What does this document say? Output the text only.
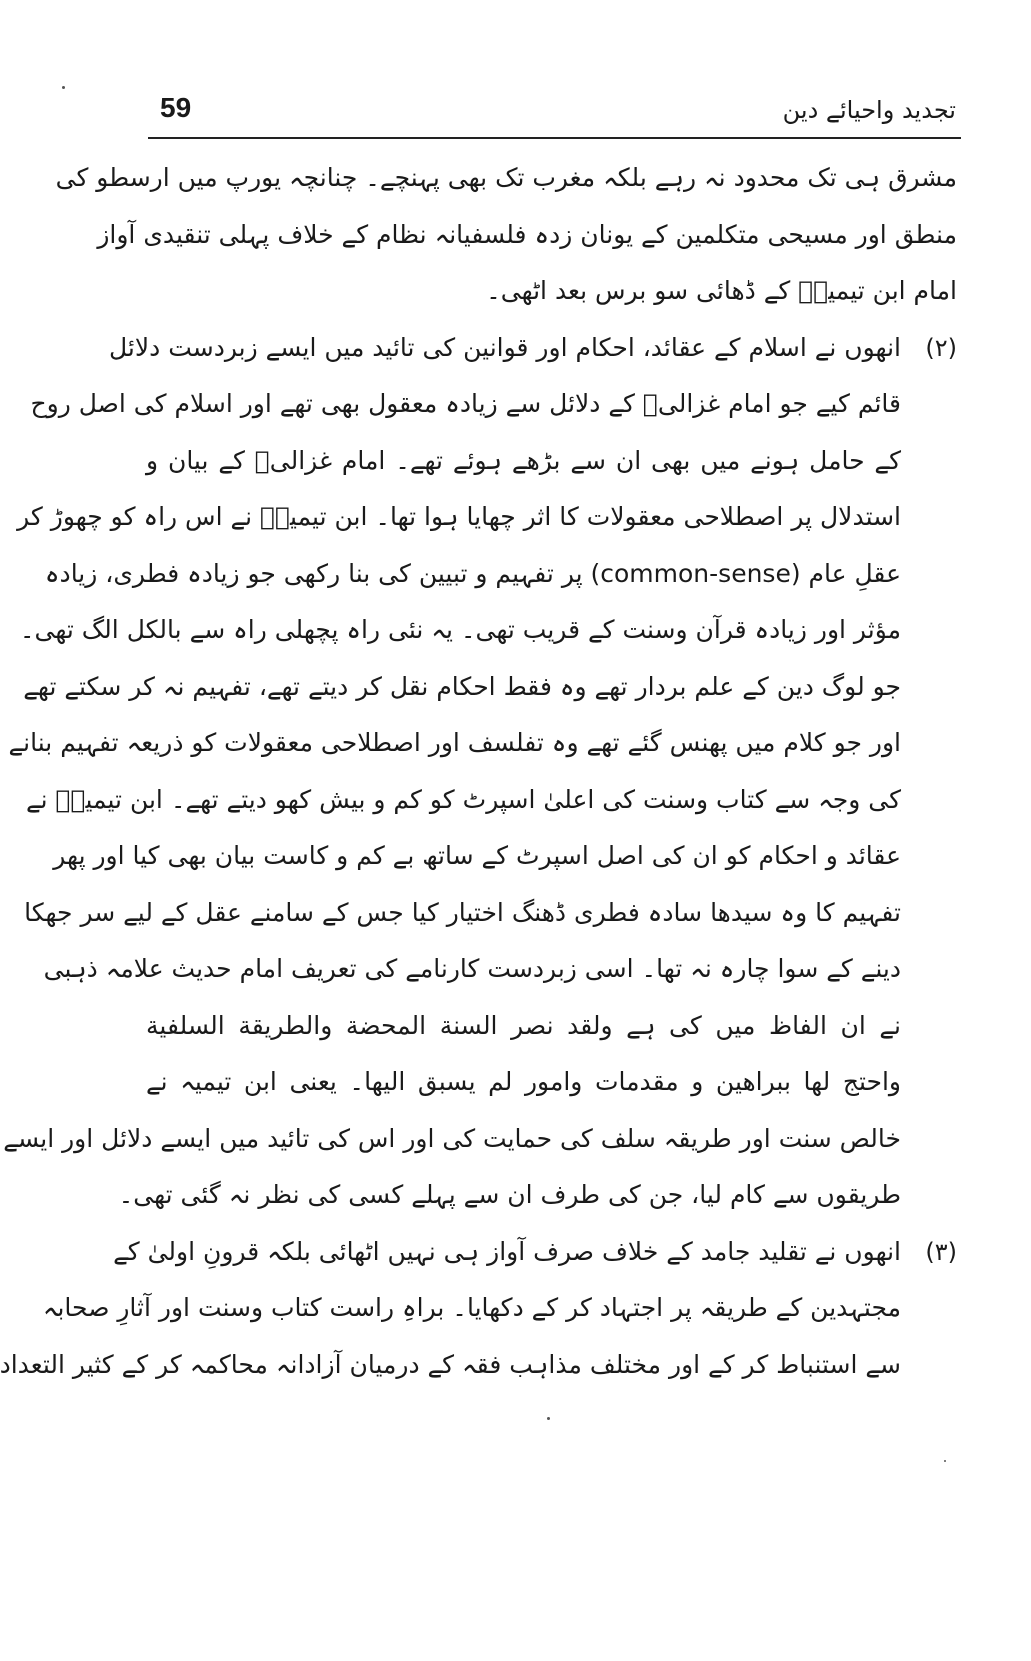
59	تجدید واحیائے دین
مشرق ہی تک محدود نہ رہے بلکہ مغرب تک بھی پہنچے۔ چنانچہ یورپ میں ارسطو کی
منطق اور مسیحی متکلمین کے یونان زدہ فلسفیانہ نظام کے خلاف پہلی تنقیدی آواز
امام ابن تیمیہؒ کے ڈھائی سو برس بعد اٹھی۔
(۲)
انھوں نے اسلام کے عقائد، احکام اور قوانین کی تائید میں ایسے زبردست دلائل
قائم کیے جو امام غزالیؒ کے دلائل سے زیادہ معقول بھی تھے اور اسلام کی اصل روح
کے حامل ہونے میں بھی ان سے بڑھے ہوئے تھے۔ امام غزالیؒ کے بیان و
استدلال پر اصطلاحی معقولات کا اثر چھایا ہوا تھا۔ ابن تیمیہؒ نے اس راہ کو چھوڑ کر
عقلِ عام (common-sense) پر تفہیم و تبیین کی بنا رکھی جو زیادہ فطری، زیادہ
مؤثر اور زیادہ قرآن وسنت کے قریب تھی۔ یہ نئی راہ پچھلی راہ سے بالکل الگ تھی۔
جو لوگ دین کے علم بردار تھے وہ فقط احکام نقل کر دیتے تھے، تفہیم نہ کر سکتے تھے
اور جو کلام میں پھنس گئے تھے وہ تفلسف اور اصطلاحی معقولات کو ذریعہ تفہیم بنانے
کی وجہ سے کتاب وسنت کی اعلیٰ اسپرٹ کو کم و بیش کھو دیتے تھے۔ ابن تیمیہؒ نے
عقائد و احکام کو ان کی اصل اسپرٹ کے ساتھ بے کم و کاست بیان بھی کیا اور پھر
تفہیم کا وہ سیدھا سادہ فطری ڈھنگ اختیار کیا جس کے سامنے عقل کے لیے سر جھکا
دینے کے سوا چارہ نہ تھا۔ اسی زبردست کارنامے کی تعریف امام حدیث علامہ ذہبی
نے ان الفاظ میں کی ہے ولقد نصر السنة المحضة والطريقة السلفية
واحتج لها ببراهين و مقدمات وامور لم يسبق اليها۔ یعنی ابن تیمیہ نے
خالص سنت اور طریقہ سلف کی حمایت کی اور اس کی تائید میں ایسے دلائل اور ایسے
طریقوں سے کام لیا، جن کی طرف ان سے پہلے کسی کی نظر نہ گئی تھی۔
(۳)
انھوں نے تقلید جامد کے خلاف صرف آواز ہی نہیں اٹھائی بلکہ قرونِ اولیٰ کے
مجتہدین کے طریقہ پر اجتہاد کر کے دکھایا۔ براہِ راست کتاب وسنت اور آثارِ صحابہ
سے استنباط کر کے اور مختلف مذاہب فقہ کے درمیان آزادانہ محاکمہ کر کے کثیر التعداد
